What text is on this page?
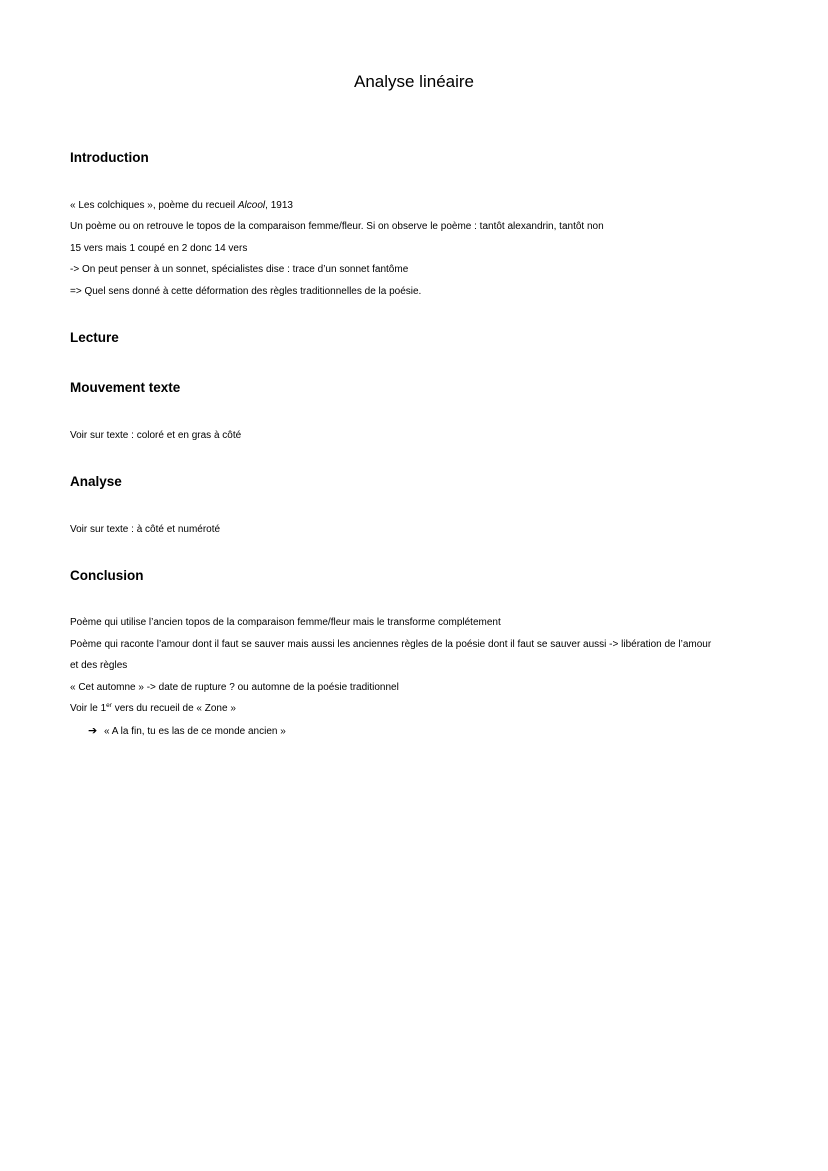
Analyse linéaire
Introduction

« Les colchiques », poème du recueil Alcool, 1913

Un poème ou on retrouve le topos de la comparaison femme/fleur. Si on observe le poème : tantôt alexandrin, tantôt non

15 vers mais 1 coupé en 2 donc 14 vers

-> On peut penser à un sonnet, spécialistes dise : trace d’un sonnet fantôme

=> Quel sens donné à cette déformation des règles traditionnelles de la poésie.

Lecture
Mouvement texte

Voir sur texte : coloré et en gras à côté

Analyse

Voir sur texte : à côté et numéroté

Conclusion

Poème qui utilise l’ancien topos de la comparaison femme/fleur mais le transforme complétement

Poème qui raconte l’amour dont il faut se sauver mais aussi les anciennes règles de la poésie dont il faut se sauver aussi -> libération de l’amour

et des règles

« Cet automne » -> date de rupture ? ou automne de la poésie traditionnel

Voir le 1er vers du recueil de « Zone »

➔ « A la fin, tu es las de ce monde ancien »
